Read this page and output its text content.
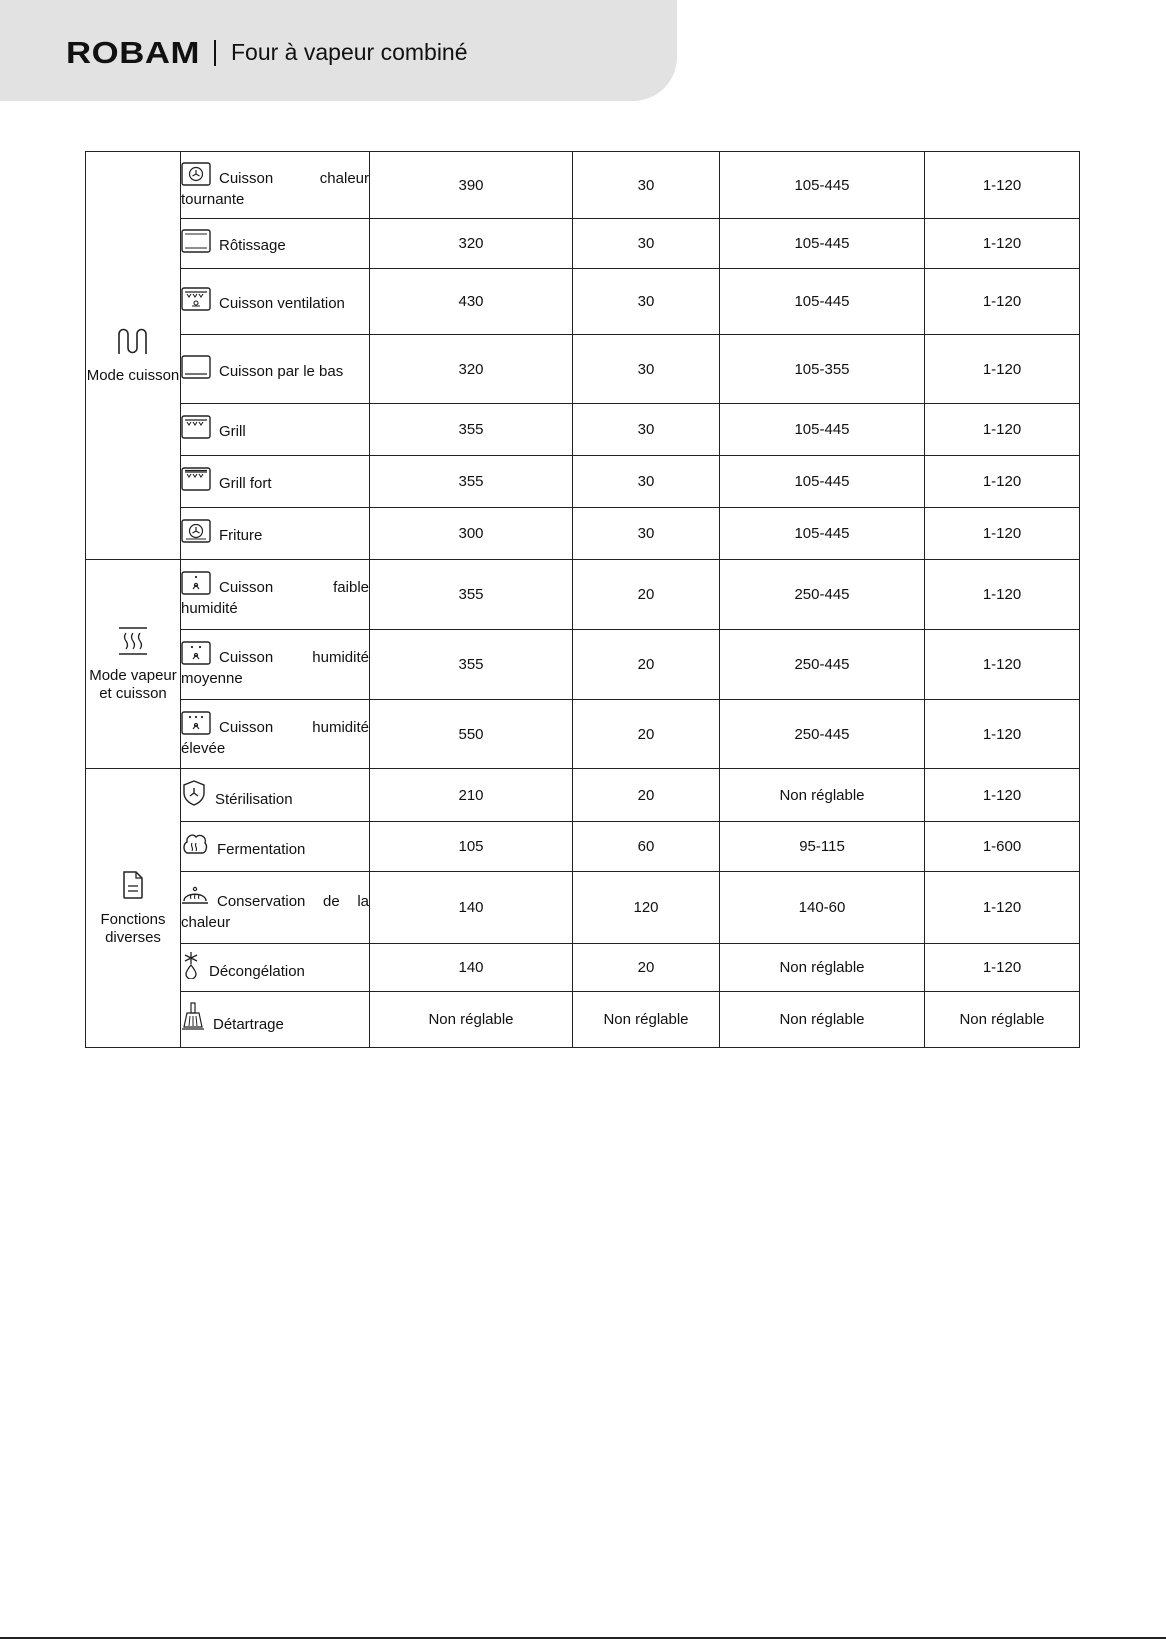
ROBAM Four à vapeur combiné
Mode cuisson	Cuisson chaleur tournante	390	30	105-445	1-120
	Rôtissage	320	30	105-445	1-120
	Cuisson ventilation	430	30	105-445	1-120
	Cuisson par le bas	320	30	105-355	1-120
	Grill	355	30	105-445	1-120
	Grill fort	355	30	105-445	1-120
	Friture	300	30	105-445	1-120

Mode vapeur et cuisson	Cuisson faible humidité	355	20	250-445	1-120
	Cuisson humidité moyenne	355	20	250-445	1-120
	Cuisson humidité élevée	550	20	250-445	1-120

Fonctions diverses	Stérilisation	210	20	Non réglable	1-120
	Fermentation	105	60	95-115	1-600
	Conservation de la chaleur	140	120	140-60	1-120
	Décongélation	140	20	Non réglable	1-120
	Détartrage	Non réglable	Non réglable	Non réglable	Non réglable
